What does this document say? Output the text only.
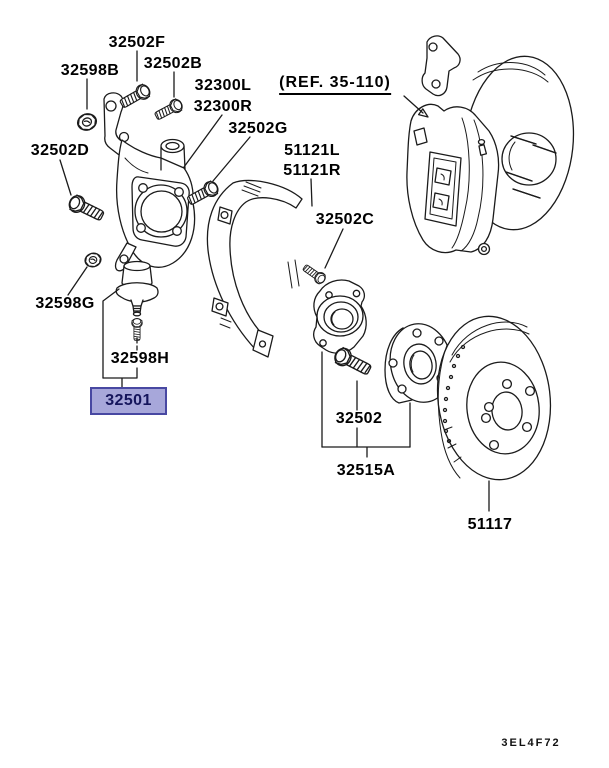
32502F
32598B 32502B
32300L (REF. 35-110)
32300R
32502G
51121L
51121R
32502D
32502C
32598G
32598H
32501
32502
32515A
51117
3EL4F72
